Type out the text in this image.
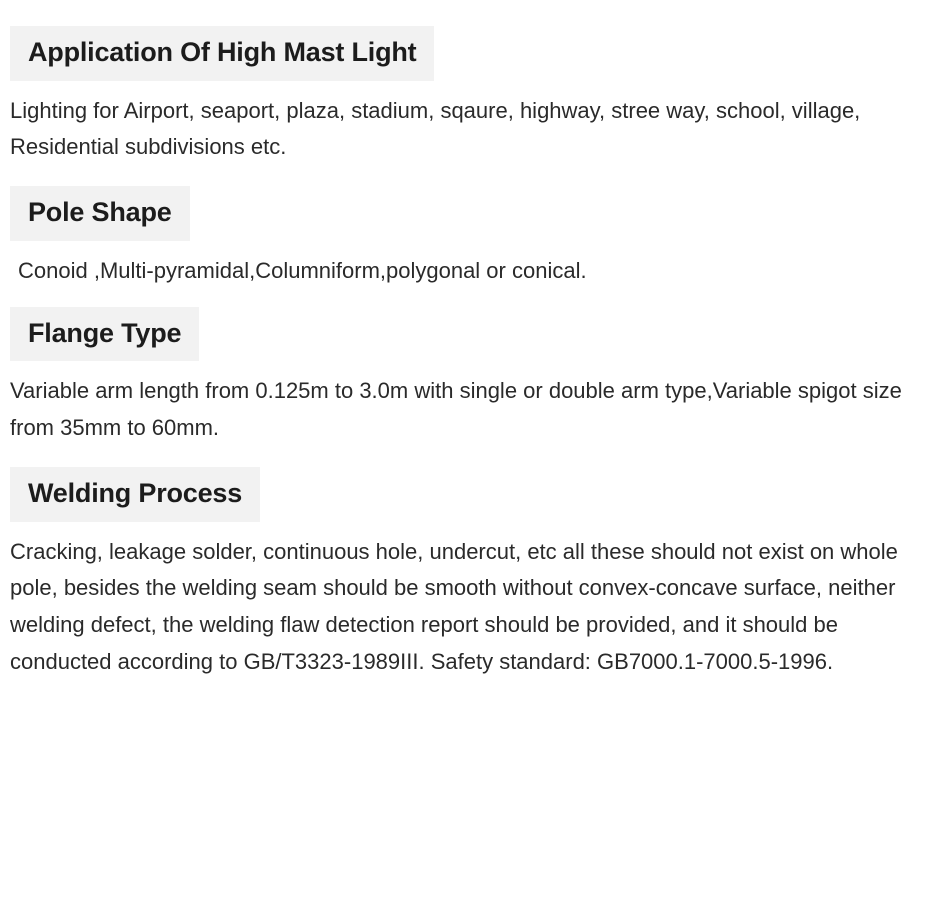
Application Of High Mast Light

Lighting for Airport, seaport, plaza, stadium, sqaure, highway, stree way, school, village, Residential subdivisions etc.

Pole Shape

Conoid ,Multi-pyramidal,Columniform,polygonal or conical.

Flange Type

Variable arm length from 0.125m to 3.0m with single or double arm type,Variable spigot size from 35mm to 60mm.

Welding Process

Cracking, leakage solder, continuous hole, undercut, etc all these should not exist on whole pole, besides the welding seam should be smooth without convex-concave surface, neither welding defect, the welding flaw detection report should be provided, and it should be conducted according to GB/T3323-1989III. Safety standard: GB7000.1-7000.5-1996.
